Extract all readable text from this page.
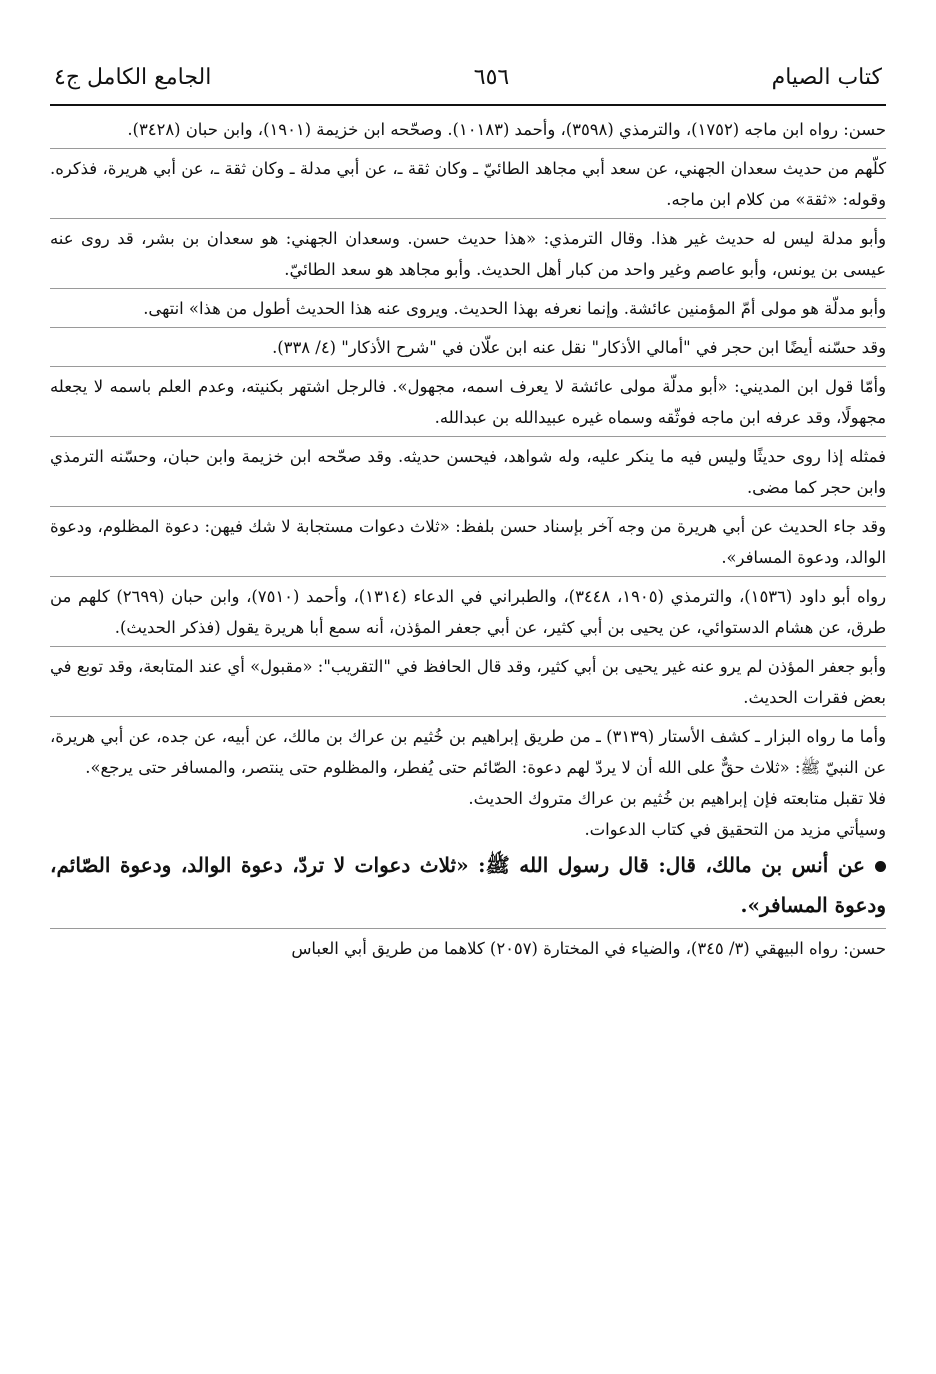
كتاب الصيام
٦٥٦
الجامع الكامل ج٤

حسن: رواه ابن ماجه (١٧٥٢)، والترمذي (٣٥٩٨)، وأحمد (١٠١٨٣). وصحّحه ابن خزيمة (١٩٠١)، وابن حبان (٣٤٢٨).

كلّهم من حديث سعدان الجهني، عن سعد أبي مجاهد الطائيّ ـ وكان ثقة ـ، عن أبي مدلة ـ وكان ثقة ـ، عن أبي هريرة، فذكره. وقوله: «ثقة» من كلام ابن ماجه.

وأبو مدلة ليس له حديث غير هذا. وقال الترمذي: «هذا حديث حسن. وسعدان الجهني: هو سعدان بن بشر، قد روى عنه عيسى بن يونس، وأبو عاصم وغير واحد من كبار أهل الحديث. وأبو مجاهد هو سعد الطائيّ.

وأبو مدلّة هو مولى أمّ المؤمنين عائشة. وإنما نعرفه بهذا الحديث. ويروى عنه هذا الحديث أطول من هذا» انتهى.

وقد حسّنه أيضًا ابن حجر في "أمالي الأذكار" نقل عنه ابن علّان في "شرح الأذكار" (٤/ ٣٣٨).

وأمّا قول ابن المديني: «أبو مدلّة مولى عائشة لا يعرف اسمه، مجهول». فالرجل اشتهر بكنيته، وعدم العلم باسمه لا يجعله مجهولًا، وقد عرفه ابن ماجه فوثّقه وسماه غيره عبيدالله بن عبدالله.

فمثله إذا روى حديثًا وليس فيه ما ينكر عليه، وله شواهد، فيحسن حديثه. وقد صحّحه ابن خزيمة وابن حبان، وحسّنه الترمذي وابن حجر كما مضى.

وقد جاء الحديث عن أبي هريرة من وجه آخر بإسناد حسن بلفظ: «ثلاث دعوات مستجابة لا شك فيهن: دعوة المظلوم، ودعوة الوالد، ودعوة المسافر».

رواه أبو داود (١٥٣٦)، والترمذي (١٩٠٥، ٣٤٤٨)، والطبراني في الدعاء (١٣١٤)، وأحمد (٧٥١٠)، وابن حبان (٢٦٩٩) كلهم من طرق، عن هشام الدستوائي، عن يحيى بن أبي كثير، عن أبي جعفر المؤذن، أنه سمع أبا هريرة يقول (فذكر الحديث).

وأبو جعفر المؤذن لم يرو عنه غير يحيى بن أبي كثير، وقد قال الحافظ في "التقريب": «مقبول» أي عند المتابعة، وقد توبع في بعض فقرات الحديث.

وأما ما رواه البزار ـ كشف الأستار (٣١٣٩) ـ من طريق إبراهيم بن خُثيم بن عراك بن مالك، عن أبيه، عن جده، عن أبي هريرة، عن النبيّ ﷺ: «ثلاث حقٌّ على الله أن لا يردّ لهم دعوة: الصّائم حتى يُفطر، والمظلوم حتى ينتصر، والمسافر حتى يرجع».

فلا تقبل متابعته فإن إبراهيم بن خُثيم بن عراك متروك الحديث.

وسيأتي مزيد من التحقيق في كتاب الدعوات.

عن أنس بن مالك، قال: قال رسول الله ﷺ: «ثلاث دعوات لا تردّ، دعوة الوالد، ودعوة الصّائم، ودعوة المسافر».

حسن: رواه البيهقي (٣/ ٣٤٥)، والضياء في المختارة (٢٠٥٧) كلاهما من طريق أبي العباس
